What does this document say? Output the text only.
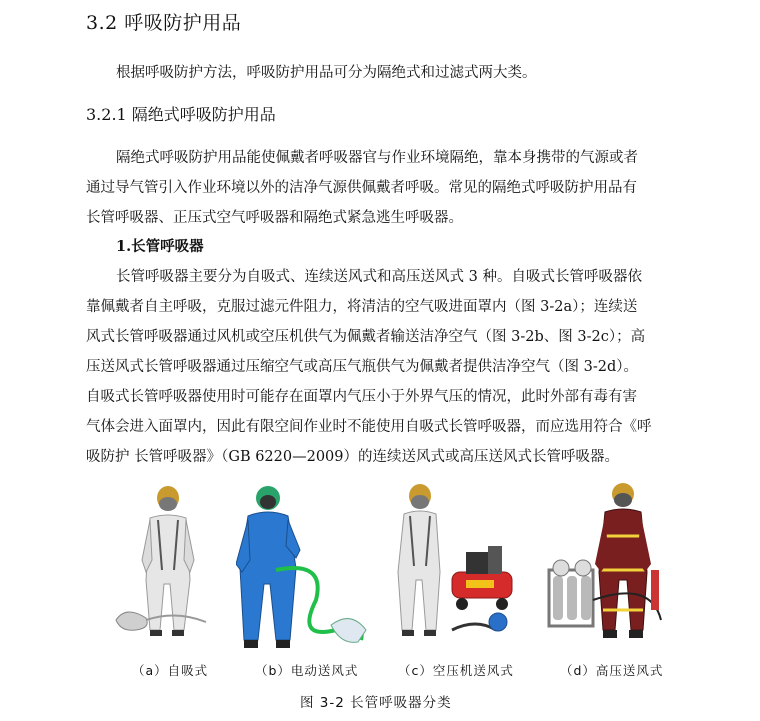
3.2 呼吸防护用品
根据呼吸防护方法，呼吸防护用品可分为隔绝式和过滤式两大类。
3.2.1 隔绝式呼吸防护用品
隔绝式呼吸防护用品能使佩戴者呼吸器官与作业环境隔绝，靠本身携带的气源或者
通过导气管引入作业环境以外的洁净气源供佩戴者呼吸。常见的隔绝式呼吸防护用品有
长管呼吸器、正压式空气呼吸器和隔绝式紧急逃生呼吸器。
1.长管呼吸器
长管呼吸器主要分为自吸式、连续送风式和高压送风式 3 种。自吸式长管呼吸器依
靠佩戴者自主呼吸，克服过滤元件阻力，将清洁的空气吸进面罩内（图 3-2a）；连续送
风式长管呼吸器通过风机或空压机供气为佩戴者输送洁净空气（图 3-2b、图 3-2c）；高
压送风式长管呼吸器通过压缩空气或高压气瓶供气为佩戴者提供洁净空气（图 3-2d）。
自吸式长管呼吸器使用时可能存在面罩内气压小于外界气压的情况，此时外部有毒有害
气体会进入面罩内，因此有限空间作业时不能使用自吸式长管呼吸器，而应选用符合《呼
吸防护 长管呼吸器》（GB 6220—2009）的连续送风式或高压送风式长管呼吸器。
（a）自吸式	（b）电动送风式	（c）空压机送风式	（d）高压送风式
图 3-2 长管呼吸器分类
